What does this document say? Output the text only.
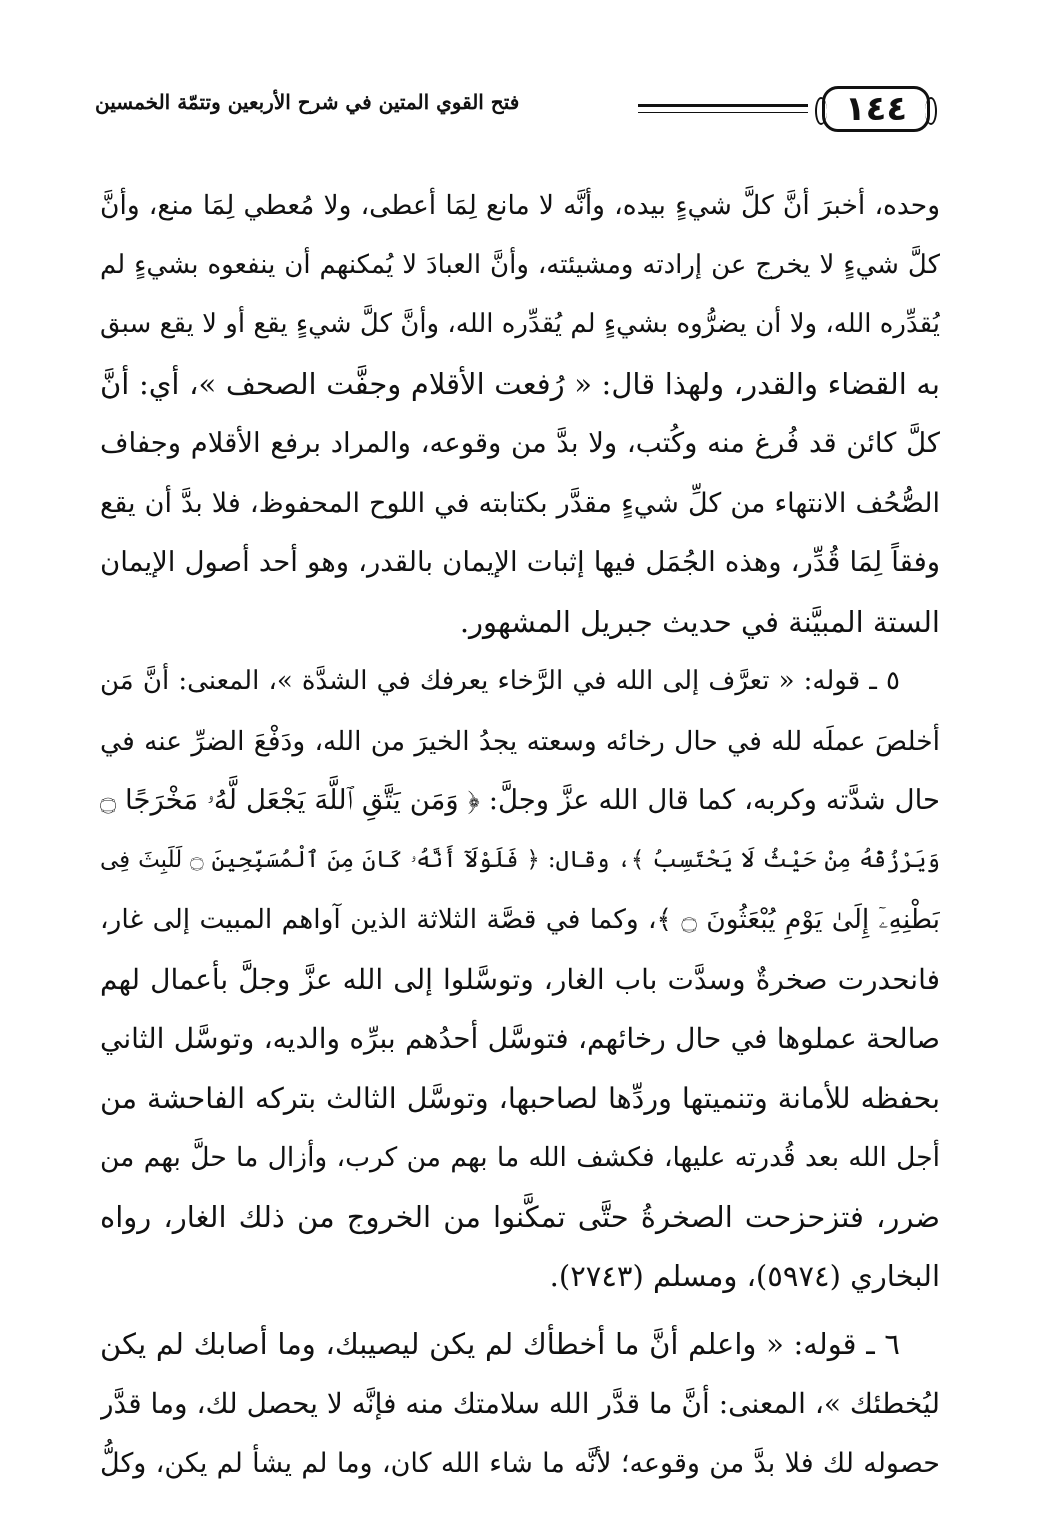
١٤٤
فتح القوي المتين في شرح الأربعين وتتمّة الخمسين
وحده، أخبرَ أنَّ كلَّ شيءٍ بيده، وأنَّه لا مانع لِمَا أعطى، ولا مُعطي لِمَا منع، وأنَّ
كلَّ شيءٍ لا يخرج عن إرادته ومشيئته، وأنَّ العبادَ لا يُمكنهم أن ينفعوه بشيءٍ لم
يُقدِّره الله، ولا أن يضرُّوه بشيءٍ لم يُقدِّره الله، وأنَّ كلَّ شيءٍ يقع أو لا يقع سبق
به القضاء والقدر، ولهذا قال: « رُفعت الأقلام وجفَّت الصحف »، أي: أنَّ
كلَّ كائن قد فُرغ منه وكُتب، ولا بدَّ من وقوعه، والمراد برفع الأقلام وجفاف
الصُّحُف الانتهاء من كلِّ شيءٍ مقدَّر بكتابته في اللوح المحفوظ، فلا بدَّ أن يقع
وفقاً لِمَا قُدِّر، وهذه الجُمَل فيها إثبات الإيمان بالقدر، وهو أحد أصول الإيمان
الستة المبيَّنة في حديث جبريل المشهور.
٥ ـ قوله: « تعرَّف إلى الله في الرَّخاء يعرفك في الشدَّة »، المعنى: أنَّ مَن
أخلصَ عملَه لله في حال رخائه وسعته يجدُ الخيرَ من الله، ودَفْعَ الضرِّ عنه في
حال شدَّته وكربه، كما قال الله عزَّ وجلَّ: ﴿ وَمَن يَتَّقِ ٱللَّهَ يَجْعَل لَّهُۥ مَخْرَجًا ۝
وَيَرْزُقْهُ مِنْ حَيْثُ لَا يَحْتَسِبُ ﴾، وقال: ﴿ فَلَوْلَآ أَنَّهُۥ كَانَ مِنَ ٱلْمُسَبِّحِينَ ۝ لَلَبِثَ فِى
بَطْنِهِۦٓ إِلَىٰ يَوْمِ يُبْعَثُونَ ۝ ﴾، وكما في قصَّة الثلاثة الذين آواهم المبيت إلى غار،
فانحدرت صخرةٌ وسدَّت باب الغار، وتوسَّلوا إلى الله عزَّ وجلَّ بأعمال لهم
صالحة عملوها في حال رخائهم، فتوسَّل أحدُهم ببرِّه والديه، وتوسَّل الثاني
بحفظه للأمانة وتنميتها وردِّها لصاحبها، وتوسَّل الثالث بتركه الفاحشة من
أجل الله بعد قُدرته عليها، فكشف الله ما بهم من كرب، وأزال ما حلَّ بهم من
ضرر، فتزحزحت الصخرةُ حتَّى تمكَّنوا من الخروج من ذلك الغار، رواه
البخاري (٥٩٧٤)، ومسلم (٢٧٤٣).
٦ ـ قوله: « واعلم أنَّ ما أخطأك لم يكن ليصيبك، وما أصابك لم يكن
ليُخطئك »، المعنى: أنَّ ما قدَّر الله سلامتك منه فإنَّه لا يحصل لك، وما قدَّر
حصوله لك فلا بدَّ من وقوعه؛ لأنَّه ما شاء الله كان، وما لم يشأ لم يكن، وكلُّ
